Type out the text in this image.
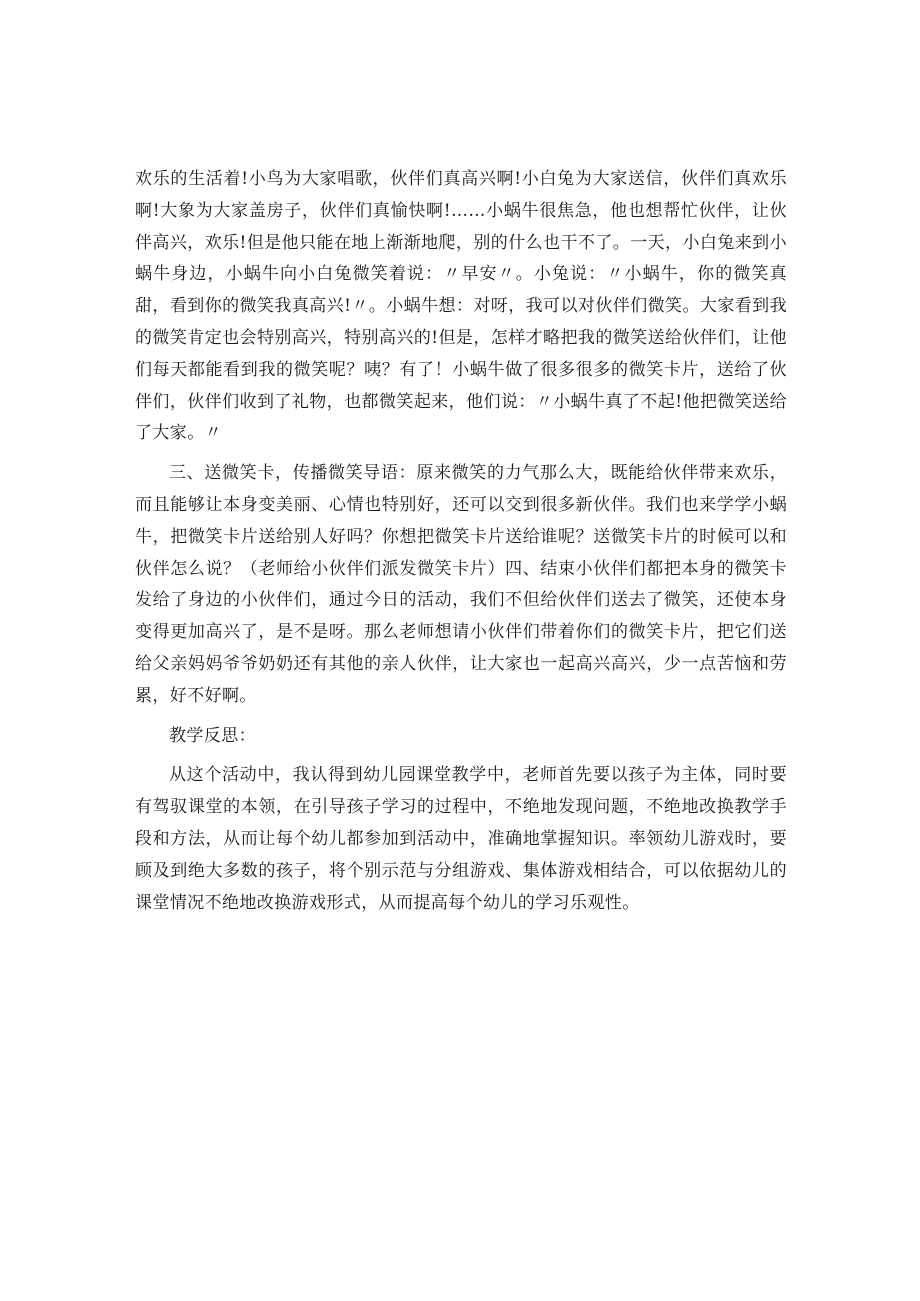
欢乐的生活着!小鸟为大家唱歌，伙伴们真高兴啊!小白兔为大家送信，伙伴们真欢乐啊!大象为大家盖房子，伙伴们真愉快啊!……小蜗牛很焦急，他也想帮忙伙伴，让伙伴高兴，欢乐!但是他只能在地上渐渐地爬，别的什么也干不了。一天，小白兔来到小蜗牛身边，小蜗牛向小白兔微笑着说：〃早安〃。小兔说：〃小蜗牛，你的微笑真甜，看到你的微笑我真高兴!〃。小蜗牛想：对呀，我可以对伙伴们微笑。大家看到我的微笑肯定也会特别高兴，特别高兴的!但是，怎样才略把我的微笑送给伙伴们，让他们每天都能看到我的微笑呢？咦？有了！小蜗牛做了很多很多的微笑卡片，送给了伙伴们，伙伴们收到了礼物，也都微笑起来，他们说：〃小蜗牛真了不起!他把微笑送给了大家。〃

三、送微笑卡，传播微笑导语：原来微笑的力气那么大，既能给伙伴带来欢乐，而且能够让本身变美丽、心情也特别好，还可以交到很多新伙伴。我们也来学学小蜗牛，把微笑卡片送给别人好吗？你想把微笑卡片送给谁呢？送微笑卡片的时候可以和伙伴怎么说？（老师给小伙伴们派发微笑卡片）四、结束小伙伴们都把本身的微笑卡发给了身边的小伙伴们，通过今日的活动，我们不但给伙伴们送去了微笑，还使本身变得更加高兴了，是不是呀。那么老师想请小伙伴们带着你们的微笑卡片，把它们送给父亲妈妈爷爷奶奶还有其他的亲人伙伴，让大家也一起高兴高兴，少一点苦恼和劳累，好不好啊。

教学反思：

从这个活动中，我认得到幼儿园课堂教学中，老师首先要以孩子为主体，同时要有驾驭课堂的本领，在引导孩子学习的过程中，不绝地发现问题，不绝地改换教学手段和方法，从而让每个幼儿都参加到活动中，准确地掌握知识。率领幼儿游戏时，要顾及到绝大多数的孩子，将个别示范与分组游戏、集体游戏相结合，可以依据幼儿的课堂情况不绝地改换游戏形式，从而提高每个幼儿的学习乐观性。
